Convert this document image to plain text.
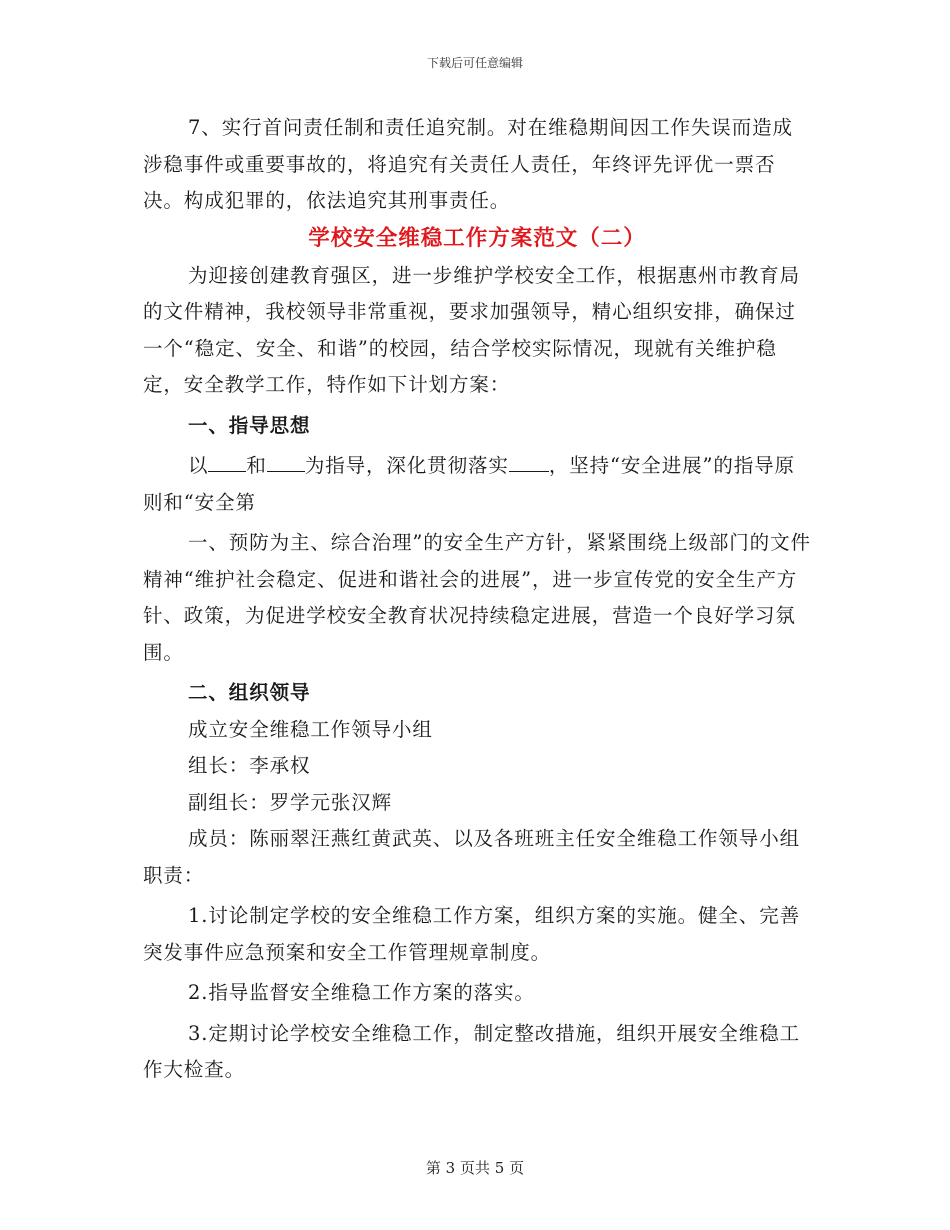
下载后可任意编辑

7、实行首问责任制和责任追究制。对在维稳期间因工作失误而造成涉稳事件或重要事故的，将追究有关责任人责任，年终评先评优一票否决。构成犯罪的，依法追究其刑事责任。

学校安全维稳工作方案范文（二）

为迎接创建教育强区，进一步维护学校安全工作，根据惠州市教育局的文件精神，我校领导非常重视，要求加强领导，精心组织安排，确保过一个“稳定、安全、和谐”的校园，结合学校实际情况，现就有关维护稳定，安全教学工作，特作如下计划方案：

一、指导思想

以 和 为指导，深化贯彻落实 ，坚持“安全进展”的指导原则和“安全第

一、预防为主、综合治理”的安全生产方针，紧紧围绕上级部门的文件精神“维护社会稳定、促进和谐社会的进展”，进一步宣传党的安全生产方针、政策，为促进学校安全教育状况持续稳定进展，营造一个良好学习氛围。

二、组织领导

成立安全维稳工作领导小组

组长：李承权

副组长：罗学元张汉辉

成员：陈丽翠汪燕红黄武英、以及各班班主任安全维稳工作领导小组职责：

1.讨论制定学校的安全维稳工作方案，组织方案的实施。健全、完善突发事件应急预案和安全工作管理规章制度。

2.指导监督安全维稳工作方案的落实。

3.定期讨论学校安全维稳工作，制定整改措施，组织开展安全维稳工作大检查。

第 3 页共 5 页
